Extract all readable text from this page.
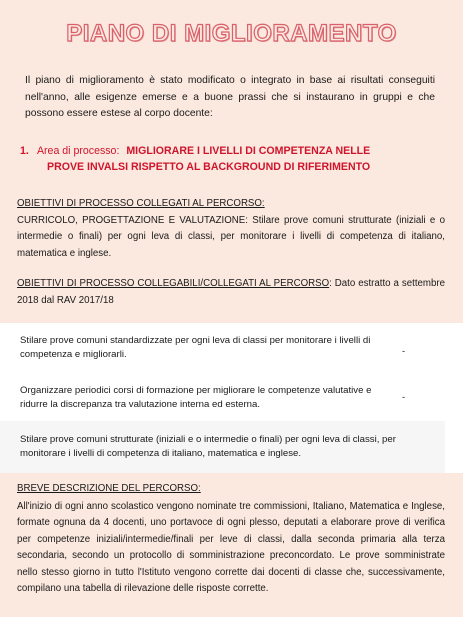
PIANO DI MIGLIORAMENTO
Il piano di miglioramento è stato modificato o integrato in base ai risultati conseguiti nell'anno, alle esigenze emerse e a buone prassi che si instaurano in gruppi e che possono essere estese al corpo docente:
1. Area di processo: MIGLIORARE I LIVELLI DI COMPETENZA NELLE
PROVE INVALSI RISPETTO AL BACKGROUND DI RIFERIMENTO
OBIETTIVI DI PROCESSO COLLEGATI AL PERCORSO:
CURRICOLO, PROGETTAZIONE E VALUTAZIONE: Stilare prove comuni strutturate (iniziali e o intermedie o finali) per ogni leva di classi, per monitorare i livelli di competenza di italiano, matematica e inglese.
OBIETTIVI DI PROCESSO COLLEGABILI/COLLEGATI AL PERCORSO: Dato estratto a settembre 2018 dal RAV 2017/18
Stilare prove comuni standardizzate per ogni leva di classi per monitorare i livelli di competenza e migliorarli.	-
Organizzare periodici corsi di formazione per migliorare le competenze valutative e ridurre la discrepanza tra valutazione interna ed esterna.
-
Stilare prove comuni strutturate (iniziali e o intermedie o finali) per ogni leva di classi, per monitorare i livelli di competenza di italiano, matematica e inglese.
BREVE DESCRIZIONE DEL PERCORSO:
All'inizio di ogni anno scolastico vengono nominate tre commissioni, Italiano, Matematica e Inglese, formate ognuna da 4 docenti, uno portavoce di ogni plesso, deputati a elaborare prove di verifica per competenze iniziali/intermedie/finali per leve di classi, dalla seconda primaria alla terza secondaria, secondo un protocollo di somministrazione preconcordato. Le prove somministrate nello stesso giorno in tutto l'Istituto vengono corrette dai docenti di classe che, successivamente, compilano una tabella di rilevazione delle risposte corrette.
